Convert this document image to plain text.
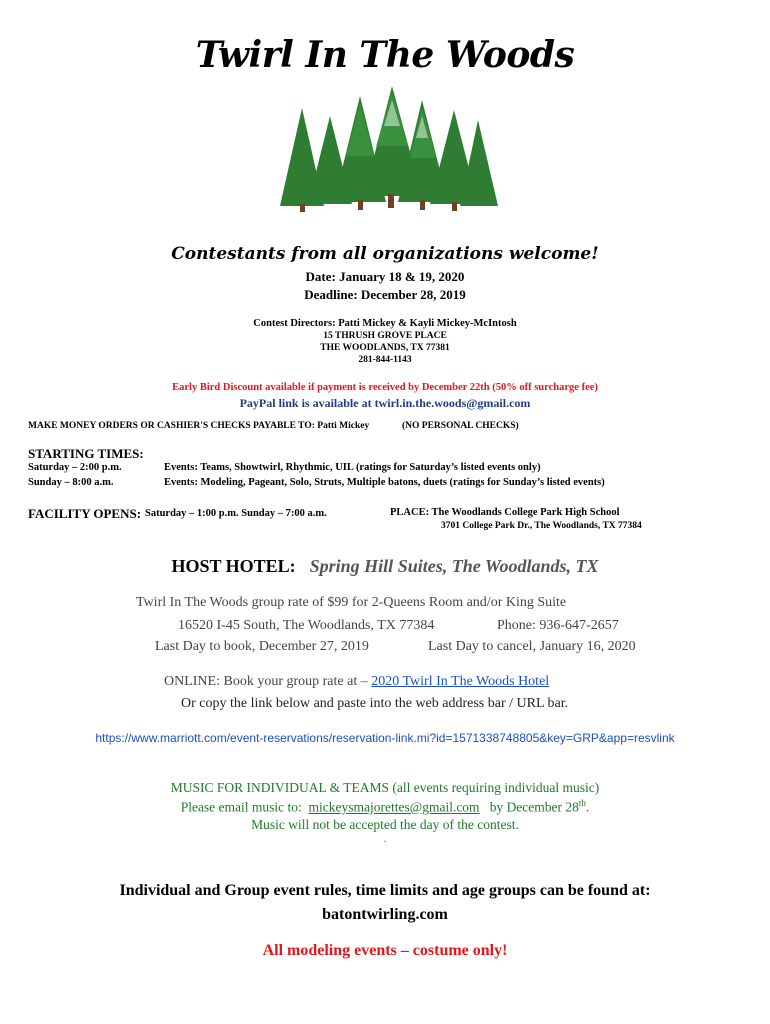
Twirl In The Woods
Contestants from all organizations welcome!
Date: January 18 & 19, 2020
Deadline: December 28, 2019
Contest Directors: Patti Mickey & Kayli Mickey-McIntosh
15 THRUSH GROVE PLACE
THE WOODLANDS, TX 77381
281-844-1143
Early Bird Discount available if payment is received by December 22th (50% off surcharge fee)
PayPal link is available at twirl.in.the.woods@gmail.com
MAKE MONEY ORDERS OR CASHIER'S CHECKS PAYABLE TO: Patti Mickey	(NO PERSONAL CHECKS)
STARTING TIMES:
Saturday – 2:00 p.m.	Events: Teams, Showtwirl, Rhythmic, UIL (ratings for Saturday’s listed events only)
Sunday – 8:00 a.m.	Events: Modeling, Pageant, Solo, Struts, Multiple batons, duets (ratings for Sunday’s listed events)
FACILITY OPENS: Saturday – 1:00 p.m. Sunday – 7:00 a.m.	PLACE: The Woodlands College Park High School
3701 College Park Dr., The Woodlands, TX 77384
HOST HOTEL: Spring Hill Suites, The Woodlands, TX
Twirl In The Woods group rate of $99 for 2-Queens Room and/or King Suite
16520 I-45 South, The Woodlands, TX 77384	Phone: 936-647-2657
Last Day to book, December 27, 2019	Last Day to cancel, January 16, 2020
ONLINE: Book your group rate at – 2020 Twirl In The Woods Hotel
Or copy the link below and paste into the web address bar / URL bar.
https://www.marriott.com/event-reservations/reservation-link.mi?id=1571338748805&key=GRP&app=resvlink
MUSIC FOR INDIVIDUAL & TEAMS (all events requiring individual music)
Please email music to: mickeysmajorettes@gmail.com by December 28th.
Music will not be accepted the day of the contest.
.
Individual and Group event rules, time limits and age groups can be found at:
batontwirling.com
All modeling events – costume only!
